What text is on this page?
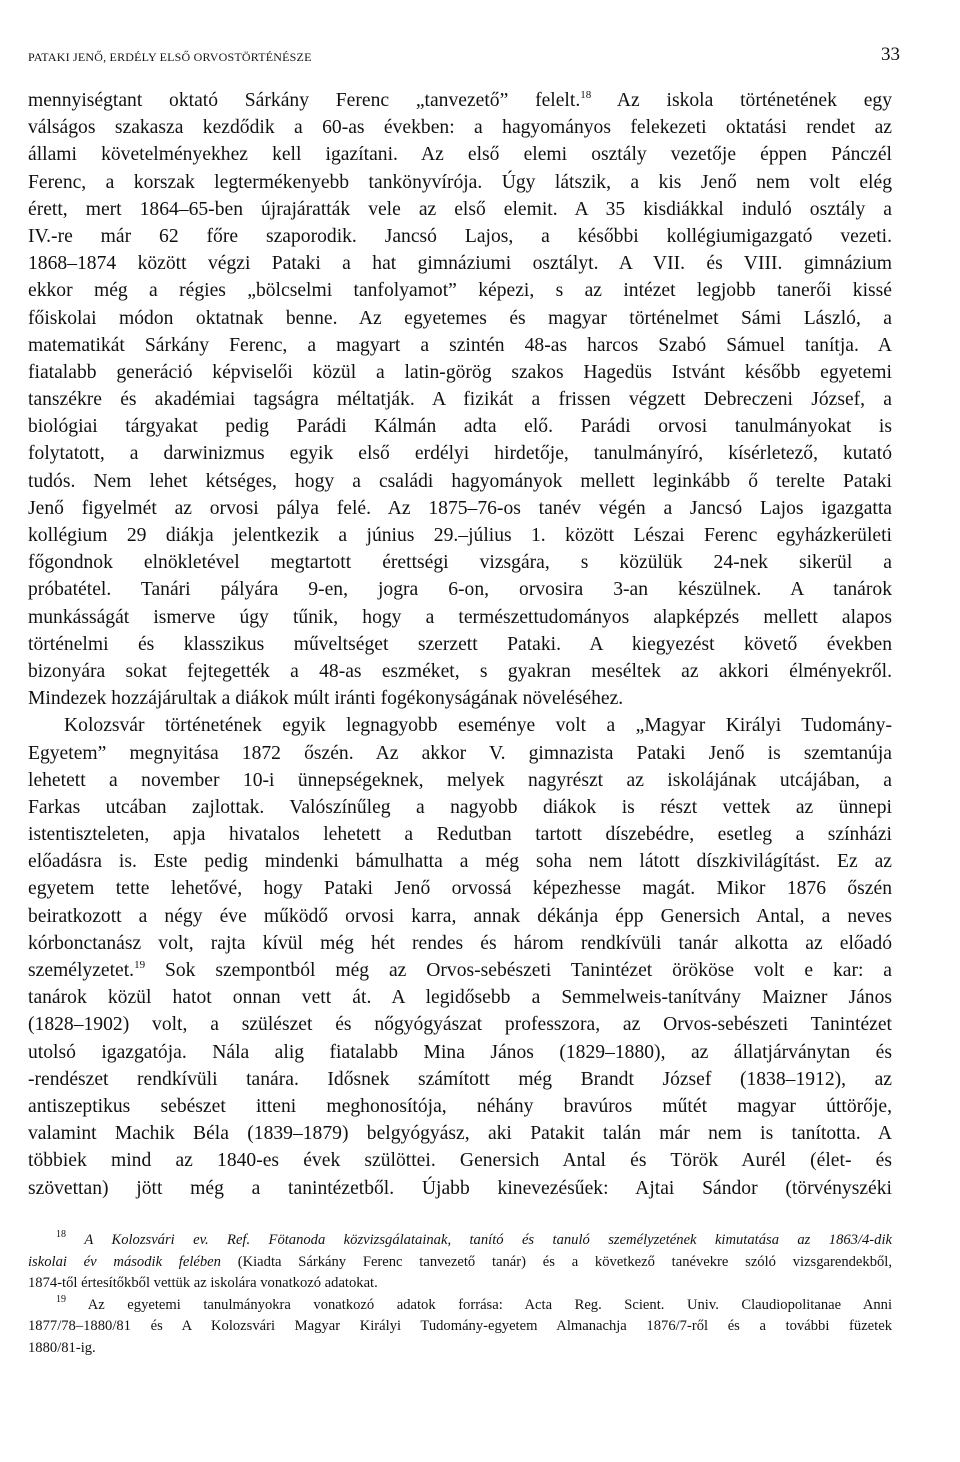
PATAKI JENŐ, ERDÉLY ELSŐ ORVOSTÖRTÉNÉSZE	33
mennyiségtant oktató Sárkány Ferenc „tanvezető” felelt.$^{18}$ Az iskola történetének egy
válságos szakasza kezdődik a 60-as években: a hagyományos felekezeti oktatási rendet az
állami követelményekhez kell igazítani. Az első elemi osztály vezetője éppen Pánczél
Ferenc, a korszak legtermékenyebb tankönyvírója. Úgy látszik, a kis Jenő nem volt elég
érett, mert 1864–65-ben újrajáratták vele az első elemit. A 35 kisdiákkal induló osztály a
IV.-re már 62 főre szaporodik. Jancsó Lajos, a későbbi kollégiumigazgató vezeti.
1868–1874 között végzi Pataki a hat gimnáziumi osztályt. A VII. és VIII. gimnázium
ekkor még a régies „bölcselmi tanfolyamot” képezi, s az intézet legjobb tanerői kissé
főiskolai módon oktatnak benne. Az egyetemes és magyar történelmet Sámi László, a
matematikát Sárkány Ferenc, a magyart a szintén 48-as harcos Szabó Sámuel tanítja. A
fiatalabb generáció képviselői közül a latin-görög szakos Hagedüs Istvánt később egyetemi
tanszékre és akadémiai tagságra méltatják. A fizikát a frissen végzett Debreczeni József, a
biológiai tárgyakat pedig Parádi Kálmán adta elő. Parádi orvosi tanulmányokat is
folytatott, a darwinizmus egyik első erdélyi hirdetője, tanulmányíró, kísérletező, kutató
tudós. Nem lehet kétséges, hogy a családi hagyományok mellett leginkább ő terelte Pataki
Jenő figyelmét az orvosi pálya felé. Az 1875–76-os tanév végén a Jancsó Lajos igazgatta
kollégium 29 diákja jelentkezik a június 29.–július 1. között Lészai Ferenc egyházkerületi
főgondnok elnökletével megtartott érettségi vizsgára, s közülük 24-nek sikerül a
próbatétel. Tanári pályára 9-en, jogra 6-on, orvosira 3-an készülnek. A tanárok
munkásságát ismerve úgy tűnik, hogy a természettudományos alapképzés mellett alapos
történelmi és klasszikus műveltséget szerzett Pataki. A kiegyezést követő években
bizonyára sokat fejtegették a 48-as eszméket, s gyakran meséltek az akkori élményekről.
Mindezek hozzájárultak a diákok múlt iránti fogékonyságának növeléséhez.
Kolozsvár történetének egyik legnagyobb eseménye volt a „Magyar Királyi Tudomány-
Egyetem” megnyitása 1872 őszén. Az akkor V. gimnazista Pataki Jenő is szemtanúja
lehetett a november 10-i ünnepségeknek, melyek nagyrészt az iskolájának utcájában, a
Farkas utcában zajlottak. Valószínűleg a nagyobb diákok is részt vettek az ünnepi
istentiszteleten, apja hivatalos lehetett a Redutban tartott díszebédre, esetleg a színházi
előadásra is. Este pedig mindenki bámulhatta a még soha nem látott díszkivilágítást. Ez az
egyetem tette lehetővé, hogy Pataki Jenő orvossá képezhesse magát. Mikor 1876 őszén
beiratkozott a négy éve működő orvosi karra, annak dékánja épp Genersich Antal, a neves
kórbonctanász volt, rajta kívül még hét rendes és három rendkívüli tanár alkotta az előadó
személyzetet.$^{19}$ Sok szempontból még az Orvos-sebészeti Tanintézet örököse volt e kar: a
tanárok közül hatot onnan vett át. A legidősebb a Semmelweis-tanítvány Maizner János
(1828–1902) volt, a szülészet és nőgyógyászat professzora, az Orvos-sebészeti Tanintézet
utolsó igazgatója. Nála alig fiatalabb Mina János (1829–1880), az állatjárványtan és
-rendészet rendkívüli tanára. Idősnek számított még Brandt József (1838–1912), az
antiszeptikus sebészet itteni meghonosítója, néhány bravúros műtét magyar úttörője,
valamint Machik Béla (1839–1879) belgyógyász, aki Patakit talán már nem is tanította. A
többiek mind az 1840-es évek szülöttei. Genersich Antal és Török Aurél (élet- és
szövettan) jött még a tanintézetből. Újabb kinevezésűek: Ajtai Sándor (törvényszéki
$^{18}$ A Kolozsvári ev. Ref. Fötanoda közvizsgálatainak, tanító és tanuló személyzetének kimutatása az 1863/4-dik
iskolai év második felében (Kiadta Sárkány Ferenc tanvezető tanár) és a következő tanévekre szóló vizsgarendekből,
1874-től értesítőkből vettük az iskolára vonatkozó adatokat.
$^{19}$ Az egyetemi tanulmányokra vonatkozó adatok forrása: Acta Reg. Scient. Univ. Claudiopolitanae Anni
1877/78–1880/81 és A Kolozsvári Magyar Királyi Tudomány-egyetem Almanachja 1876/7-ről és a további füzetek
1880/81-ig.
